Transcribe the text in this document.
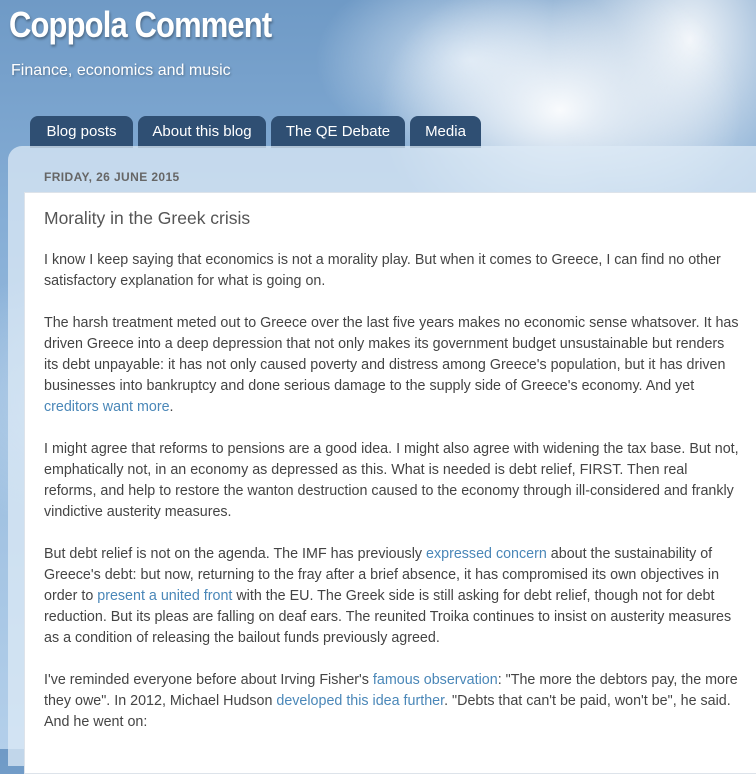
Coppola Comment
Finance, economics and music
Blog posts	About this blog	The QE Debate	Media
FRIDAY, 26 JUNE 2015
Morality in the Greek crisis

I know I keep saying that economics is not a morality play. But when it comes to Greece, I can find no other satisfactory explanation for what is going on.

The harsh treatment meted out to Greece over the last five years makes no economic sense whatsover. It has driven Greece into a deep depression that not only makes its government budget unsustainable but renders its debt unpayable: it has not only caused poverty and distress among Greece's population, but it has driven businesses into bankruptcy and done serious damage to the supply side of Greece's economy. And yet creditors want more.

I might agree that reforms to pensions are a good idea. I might also agree with widening the tax base. But not, emphatically not, in an economy as depressed as this. What is needed is debt relief, FIRST. Then real reforms, and help to restore the wanton destruction caused to the economy through ill-considered and frankly vindictive austerity measures.

But debt relief is not on the agenda. The IMF has previously expressed concern about the sustainability of Greece's debt: but now, returning to the fray after a brief absence, it has compromised its own objectives in order to present a united front with the EU. The Greek side is still asking for debt relief, though not for debt reduction. But its pleas are falling on deaf ears. The reunited Troika continues to insist on austerity measures as a condition of releasing the bailout funds previously agreed.

I've reminded everyone before about Irving Fisher's famous observation: "The more the debtors pay, the more they owe". In 2012, Michael Hudson developed this idea further. "Debts that can't be paid, won't be", he said. And he went on:
